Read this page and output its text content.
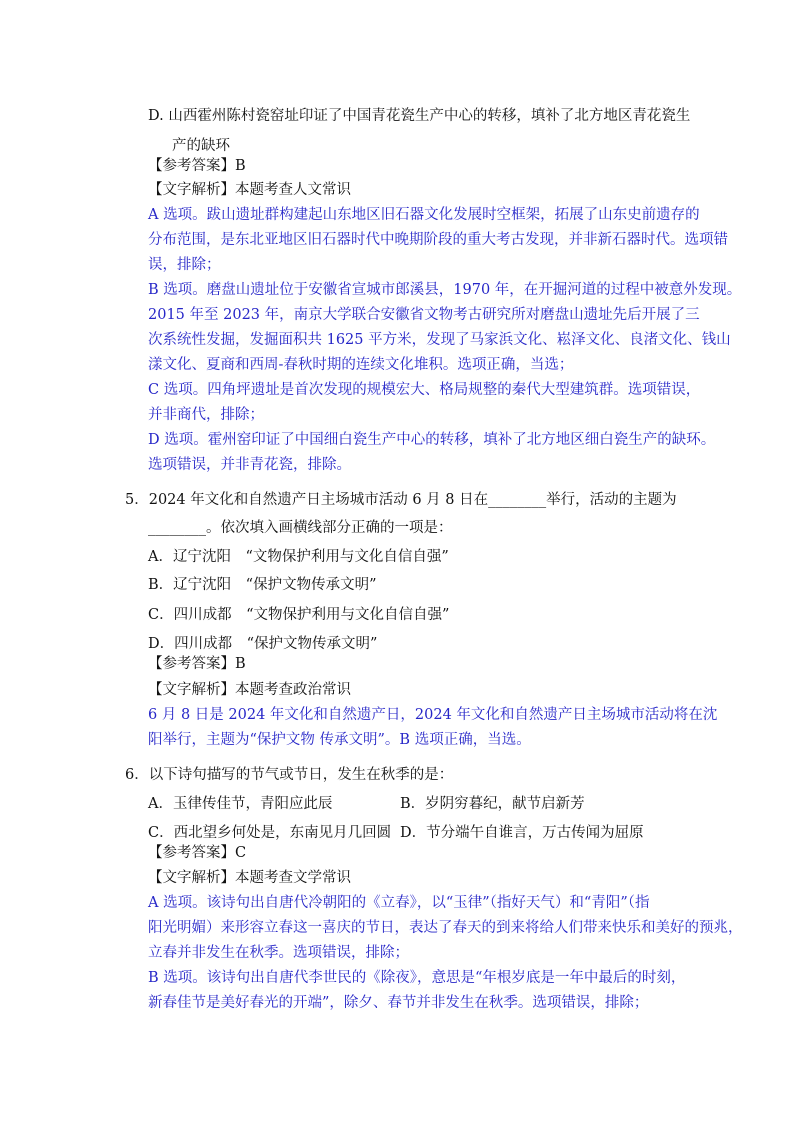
D. 山西霍州陈村瓷窑址印证了中国青花瓷生产中心的转移，填补了北方地区青花瓷生
产的缺环
【参考答案】B
【文字解析】本题考查人文常识
A 选项。跋山遗址群构建起山东地区旧石器文化发展时空框架，拓展了山东史前遗存的
分布范围，是东北亚地区旧石器时代中晚期阶段的重大考古发现，并非新石器时代。选项错
误，排除；
B 选项。磨盘山遗址位于安徽省宣城市郎溪县，1970 年，在开掘河道的过程中被意外发现。
2015 年至 2023 年，南京大学联合安徽省文物考古研究所对磨盘山遗址先后开展了三
次系统性发掘，发掘面积共 1625 平方米，发现了马家浜文化、崧泽文化、良渚文化、钱山
漾文化、夏商和西周-春秋时期的连续文化堆积。选项正确，当选；
C 选项。四角坪遗址是首次发现的规模宏大、格局规整的秦代大型建筑群。选项错误，
并非商代，排除；
D 选项。霍州窑印证了中国细白瓷生产中心的转移，填补了北方地区细白瓷生产的缺环。
选项错误，并非青花瓷，排除。
5．2024 年文化和自然遗产日主场城市活动 6 月 8 日在________举行，活动的主题为
________。依次填入画横线部分正确的一项是：
A．辽宁沈阳　“文物保护利用与文化自信自强”
B．辽宁沈阳　“保护文物传承文明”
C．四川成都　“文物保护利用与文化自信自强”
D．四川成都　“保护文物传承文明”
【参考答案】B
【文字解析】本题考查政治常识
6 月 8 日是 2024 年文化和自然遗产日，2024 年文化和自然遗产日主场城市活动将在沈
阳举行，主题为“保护文物 传承文明”。B 选项正确，当选。
6．以下诗句描写的节气或节日，发生在秋季的是：
A．玉律传佳节，青阳应此辰	B．岁阴穷暮纪，献节启新芳
C．西北望乡何处是，东南见月几回圆 D．节分端午自谁言，万古传闻为屈原
【参考答案】C
【文字解析】本题考查文学常识
A 选项。该诗句出自唐代冷朝阳的《立春》，以“玉律”（指好天气）和“青阳”（指
阳光明媚）来形容立春这一喜庆的节日，表达了春天的到来将给人们带来快乐和美好的预兆，
立春并非发生在秋季。选项错误，排除；
B 选项。该诗句出自唐代李世民的《除夜》，意思是“年根岁底是一年中最后的时刻，
新春佳节是美好春光的开端”，除夕、春节并非发生在秋季。选项错误，排除；
